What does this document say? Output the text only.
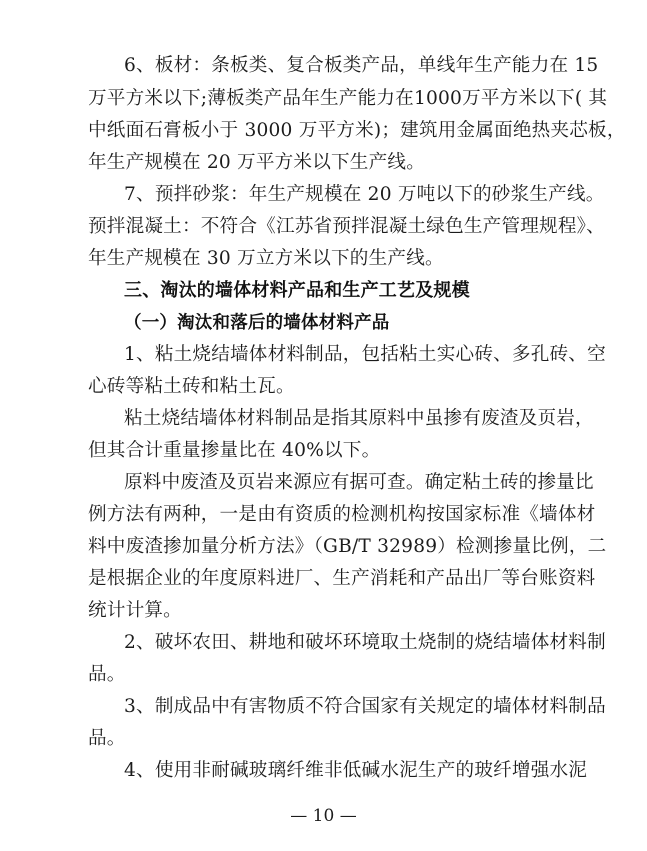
6、板材：条板类、复合板类产品，单线年生产能力在 15
万平方米以下;薄板类产品年生产能力在1000万平方米以下( 其
中纸面石膏板小于 3000 万平方米)；建筑用金属面绝热夹芯板，
年生产规模在 20 万平方米以下生产线。
7、预拌砂浆：年生产规模在 20 万吨以下的砂浆生产线。
预拌混凝土：不符合《江苏省预拌混凝土绿色生产管理规程》、
年生产规模在 30 万立方米以下的生产线。
三、淘汰的墙体材料产品和生产工艺及规模
（一）淘汰和落后的墙体材料产品
1、粘土烧结墙体材料制品，包括粘土实心砖、多孔砖、空
心砖等粘土砖和粘土瓦。
粘土烧结墙体材料制品是指其原料中虽掺有废渣及页岩，
但其合计重量掺量比在 40%以下。
原料中废渣及页岩来源应有据可查。确定粘土砖的掺量比
例方法有两种，一是由有资质的检测机构按国家标准《墙体材
料中废渣掺加量分析方法》（GB/T 32989）检测掺量比例，二
是根据企业的年度原料进厂、生产消耗和产品出厂等台账资料
统计计算。
2、破坏农田、耕地和破坏环境取土烧制的烧结墙体材料制
品。
3、制成品中有害物质不符合国家有关规定的墙体材料制品
品。
4、使用非耐碱玻璃纤维非低碱水泥生产的玻纤增强水泥
— 10 —
